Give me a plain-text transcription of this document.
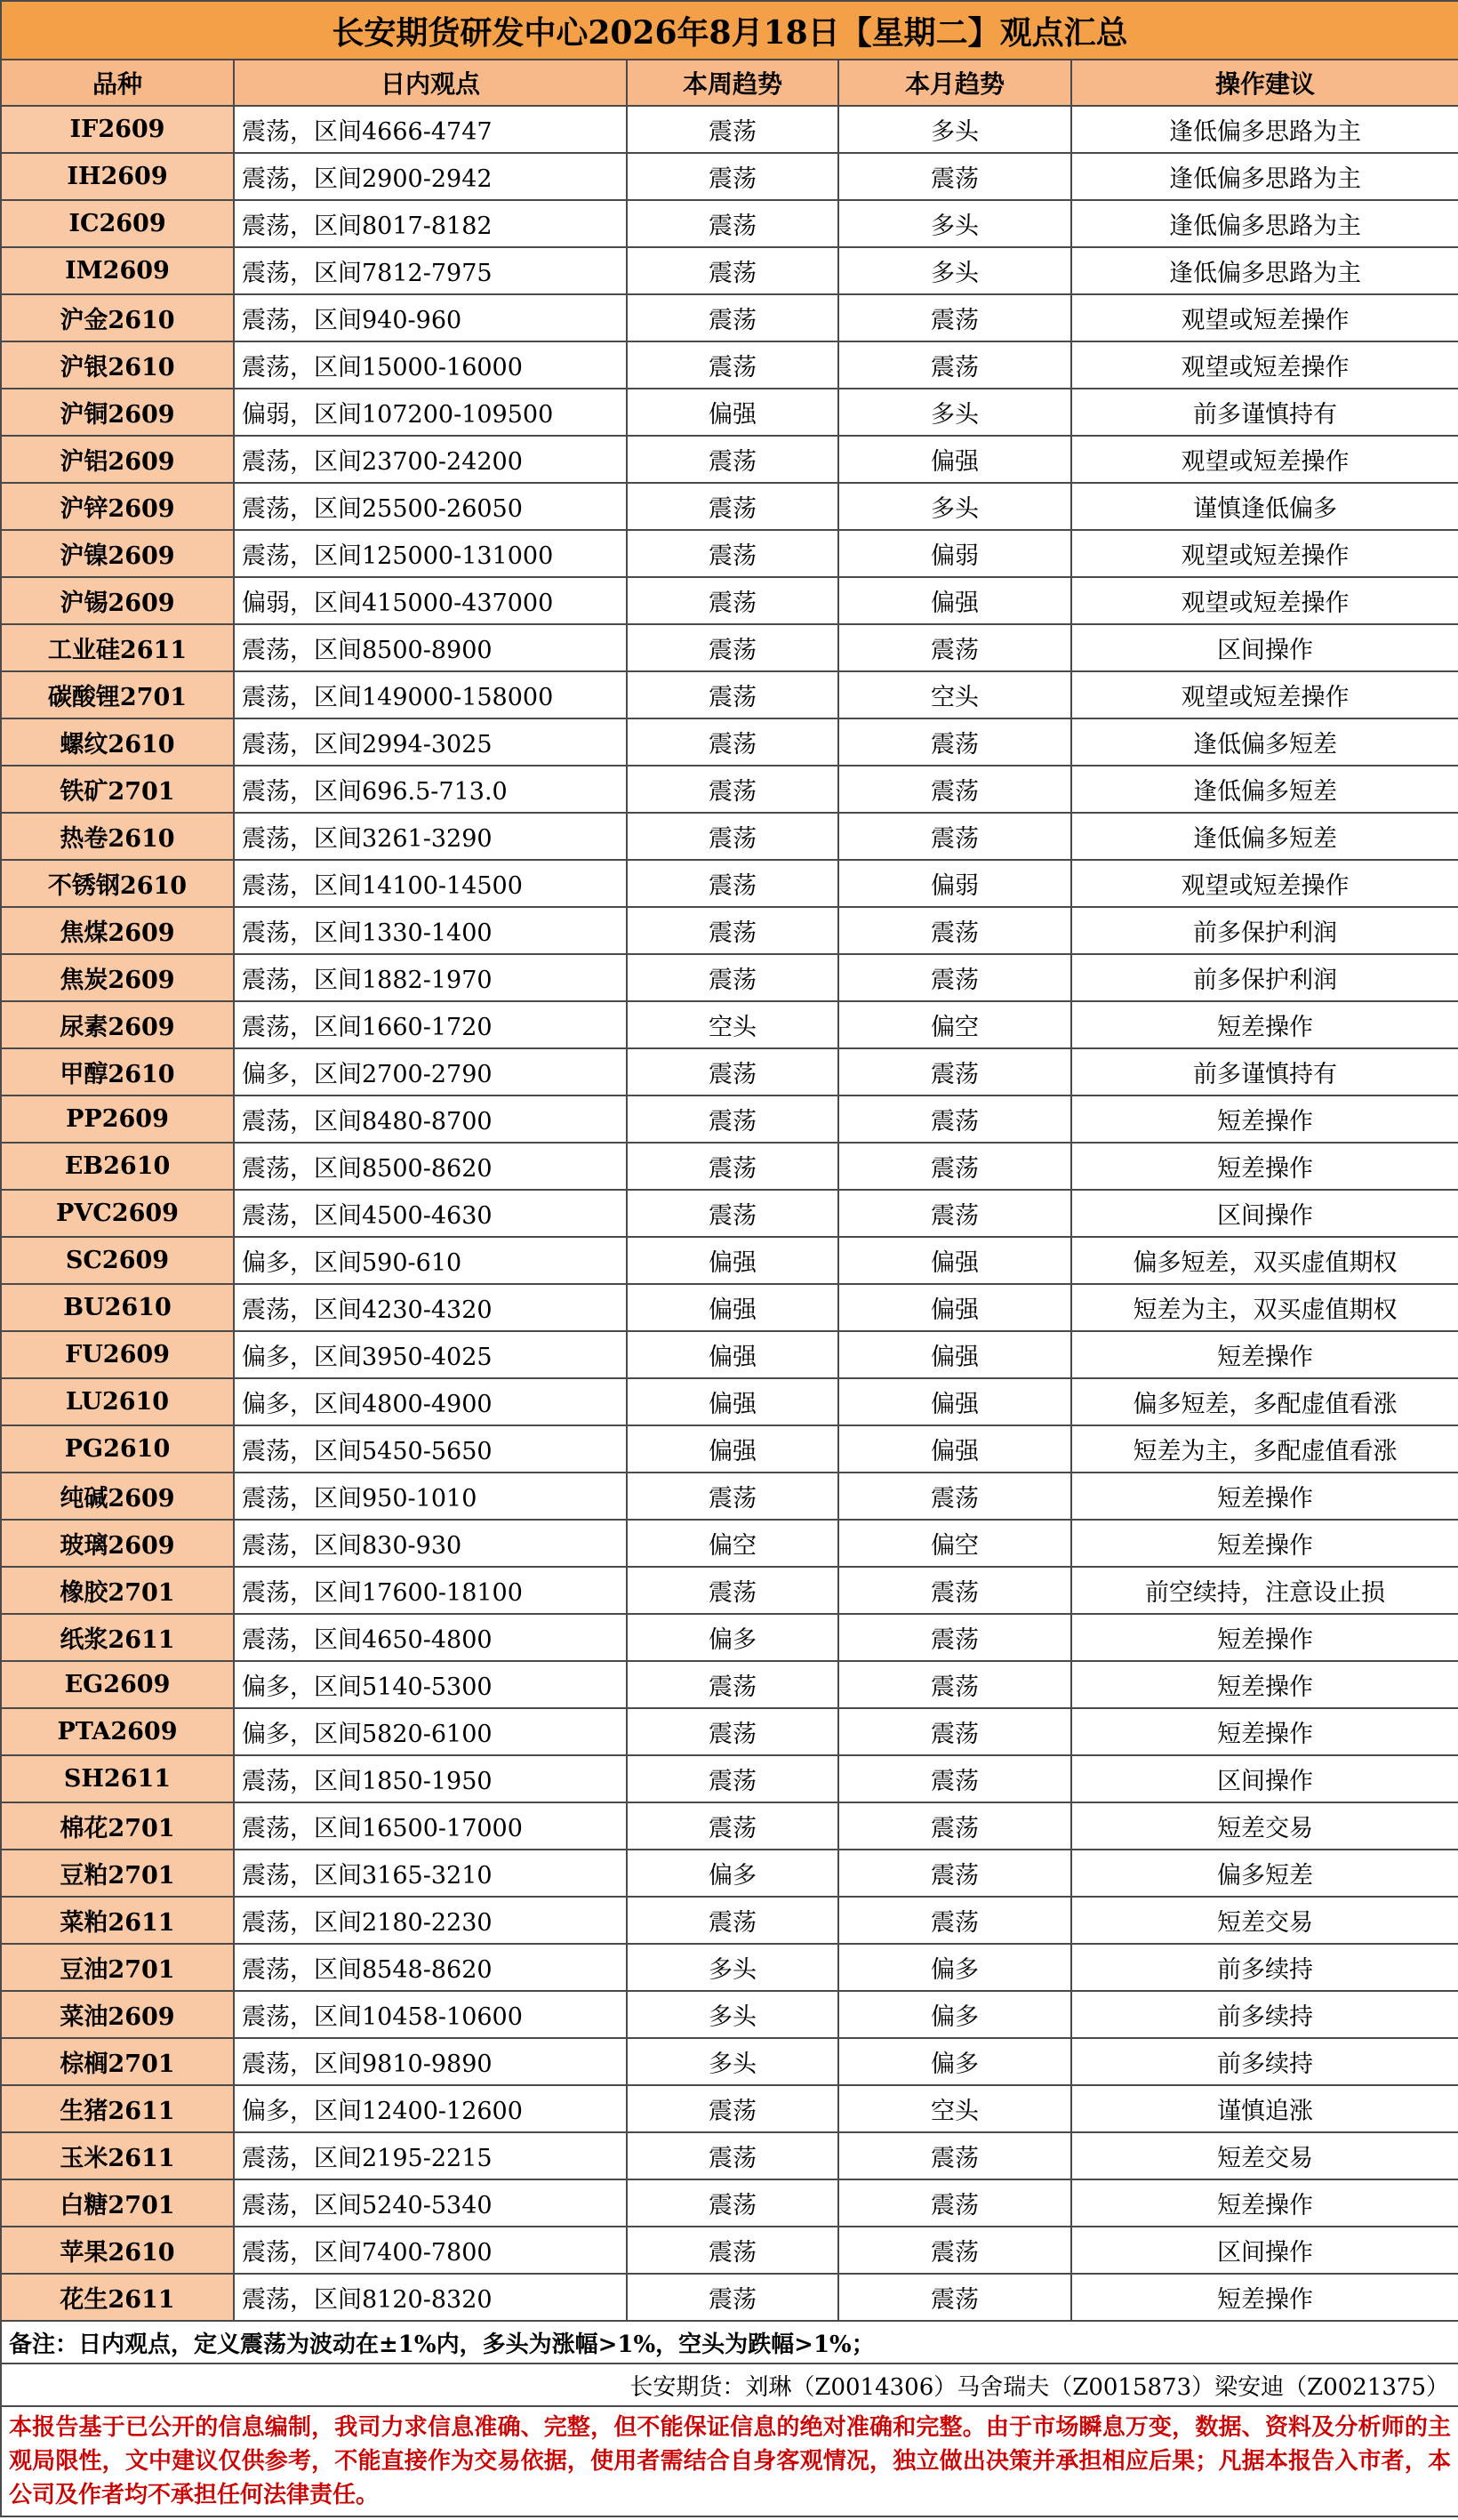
长安期货研发中心2026年8月18日【星期二】观点汇总				
品种	日内观点	本周趋势	本月趋势	操作建议
IF2609	震荡，区间4666-4747	震荡	多头	逢低偏多思路为主
IH2609	震荡，区间2900-2942	震荡	震荡	逢低偏多思路为主
IC2609	震荡，区间8017-8182	震荡	多头	逢低偏多思路为主
IM2609	震荡，区间7812-7975	震荡	多头	逢低偏多思路为主
沪金2610	震荡，区间940-960	震荡	震荡	观望或短差操作
沪银2610	震荡，区间15000-16000	震荡	震荡	观望或短差操作
沪铜2609	偏弱，区间107200-109500	偏强	多头	前多谨慎持有
沪铝2609	震荡，区间23700-24200	震荡	偏强	观望或短差操作
沪锌2609	震荡，区间25500-26050	震荡	多头	谨慎逢低偏多
沪镍2609	震荡，区间125000-131000	震荡	偏弱	观望或短差操作
沪锡2609	偏弱，区间415000-437000	震荡	偏强	观望或短差操作
工业硅2611	震荡，区间8500-8900	震荡	震荡	区间操作
碳酸锂2701	震荡，区间149000-158000	震荡	空头	观望或短差操作
螺纹2610	震荡，区间2994-3025	震荡	震荡	逢低偏多短差
铁矿2701	震荡，区间696.5-713.0	震荡	震荡	逢低偏多短差
热卷2610	震荡，区间3261-3290	震荡	震荡	逢低偏多短差
不锈钢2610	震荡，区间14100-14500	震荡	偏弱	观望或短差操作
焦煤2609	震荡，区间1330-1400	震荡	震荡	前多保护利润
焦炭2609	震荡，区间1882-1970	震荡	震荡	前多保护利润
尿素2609	震荡，区间1660-1720	空头	偏空	短差操作
甲醇2610	偏多，区间2700-2790	震荡	震荡	前多谨慎持有
PP2609	震荡，区间8480-8700	震荡	震荡	短差操作
EB2610	震荡，区间8500-8620	震荡	震荡	短差操作
PVC2609	震荡，区间4500-4630	震荡	震荡	区间操作
SC2609	偏多，区间590-610	偏强	偏强	偏多短差，双买虚值期权
BU2610	震荡，区间4230-4320	偏强	偏强	短差为主，双买虚值期权
FU2609	偏多，区间3950-4025	偏强	偏强	短差操作
LU2610	偏多，区间4800-4900	偏强	偏强	偏多短差，多配虚值看涨
PG2610	震荡，区间5450-5650	偏强	偏强	短差为主，多配虚值看涨
纯碱2609	震荡，区间950-1010	震荡	震荡	短差操作
玻璃2609	震荡，区间830-930	偏空	偏空	短差操作
橡胶2701	震荡，区间17600-18100	震荡	震荡	前空续持，注意设止损
纸浆2611	震荡，区间4650-4800	偏多	震荡	短差操作
EG2609	偏多，区间5140-5300	震荡	震荡	短差操作
PTA2609	偏多，区间5820-6100	震荡	震荡	短差操作
SH2611	震荡，区间1850-1950	震荡	震荡	区间操作
棉花2701	震荡，区间16500-17000	震荡	震荡	短差交易
豆粕2701	震荡，区间3165-3210	偏多	震荡	偏多短差
菜粕2611	震荡，区间2180-2230	震荡	震荡	短差交易
豆油2701	震荡，区间8548-8620	多头	偏多	前多续持
菜油2609	震荡，区间10458-10600	多头	偏多	前多续持
棕榈2701	震荡，区间9810-9890	多头	偏多	前多续持
生猪2611	偏多，区间12400-12600	震荡	空头	谨慎追涨
玉米2611	震荡，区间2195-2215	震荡	震荡	短差交易
白糖2701	震荡，区间5240-5340	震荡	震荡	短差操作
苹果2610	震荡，区间7400-7800	震荡	震荡	区间操作
花生2611	震荡，区间8120-8320	震荡	震荡	短差操作
备注：日内观点，定义震荡为波动在±1%内，多头为涨幅>1%，空头为跌幅>1%；				
长安期货：刘琳（Z0014306）马舍瑞夫（Z0015873）梁安迪（Z0021375）				
本报告基于已公开的信息编制，我司力求信息准确、完整，但不能保证信息的绝对准确和完整。由于市场瞬息万变，数据、资料及分析师的主观局限性，文中建议仅供参考，不能直接作为交易依据，使用者需结合自身客观情况，独立做出决策并承担相应后果；凡据本报告入市者，本公司及作者均不承担任何法律责任。				
